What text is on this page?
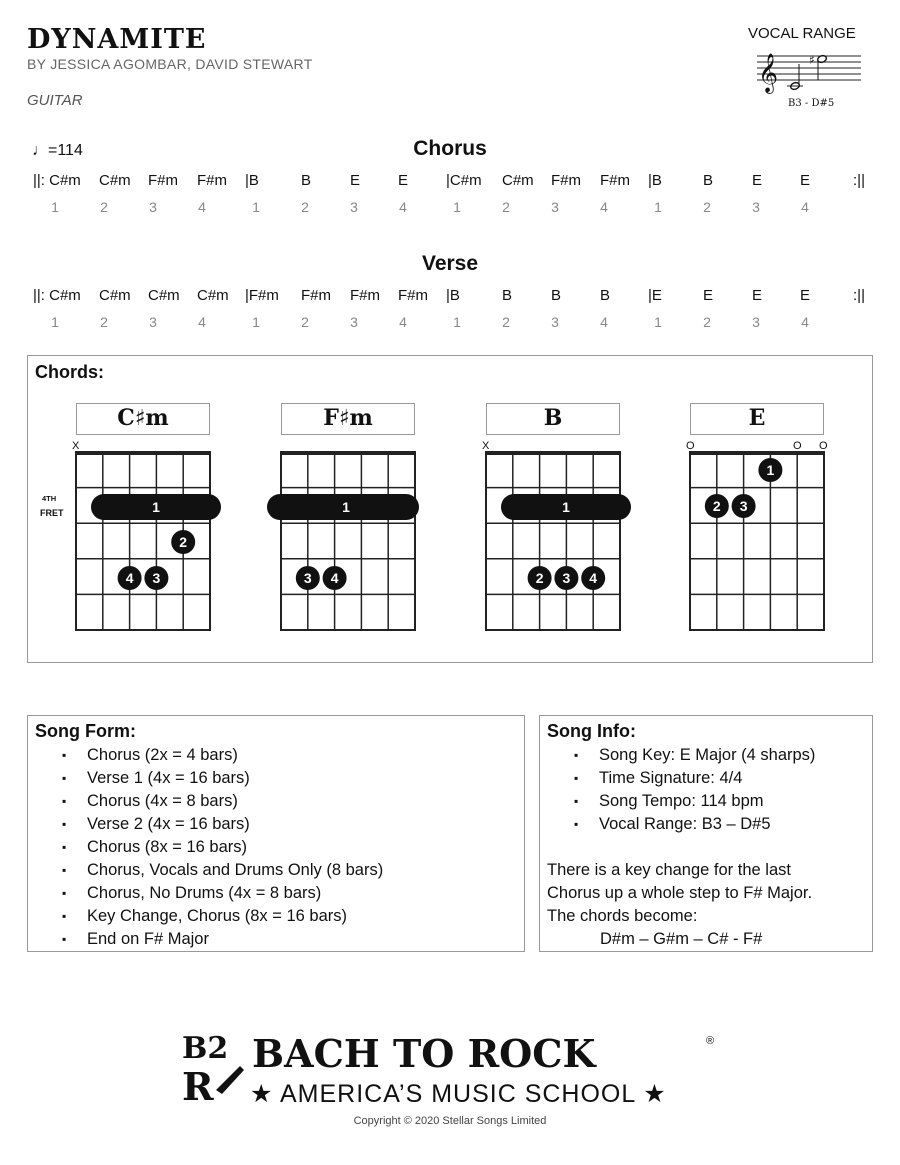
DYNAMITE
BY JESSICA AGOMBAR, DAVID STEWART
GUITAR
VOCAL RANGE
𝄞	♯
B3 - D#5
♩=114	Chorus
||: C#m C#m F#m F#m |B	B	E	E	|C#m C#m F#m F#m |B	B	E	E	:||
1	2	3	4	1	2	3	4	1	2	3	4	1	2	3	4
Verse
||: C#m C#m C#m C#m |F#m F#m F#m F#m |B	B	B	B	|E	E	E	E	:||
1	2	3	4	1	2	3	4	1	2	3	4	1	2	3	4
Chords:
C♯m	F♯m	B	E
4TH
FRET
X
1
2
4 3
1
3 4
X
1
2 3 4
O	O O
1
2 3
Song Form:
▪ Chorus (2x = 4 bars)
▪ Verse 1 (4x = 16 bars)
▪ Chorus (4x = 8 bars)
▪ Verse 2 (4x = 16 bars)
▪ Chorus (8x = 16 bars)
▪ Chorus, Vocals and Drums Only (8 bars)
▪ Chorus, No Drums (4x = 8 bars)
▪ Key Change, Chorus (8x = 16 bars)
▪ End on F# Major
Song Info:
▪ Song Key: E Major (4 sharps)
▪ Time Signature: 4/4
▪ Song Tempo: 114 bpm
▪ Vocal Range: B3 – D#5
There is a key change for the last
Chorus up a whole step to F# Major.
The chords become:
D#m – G#m – C# - F#
B2
R
BACH TO ROCK	®
★ AMERICA’S MUSIC SCHOOL ★
Copyright © 2020 Stellar Songs Limited
